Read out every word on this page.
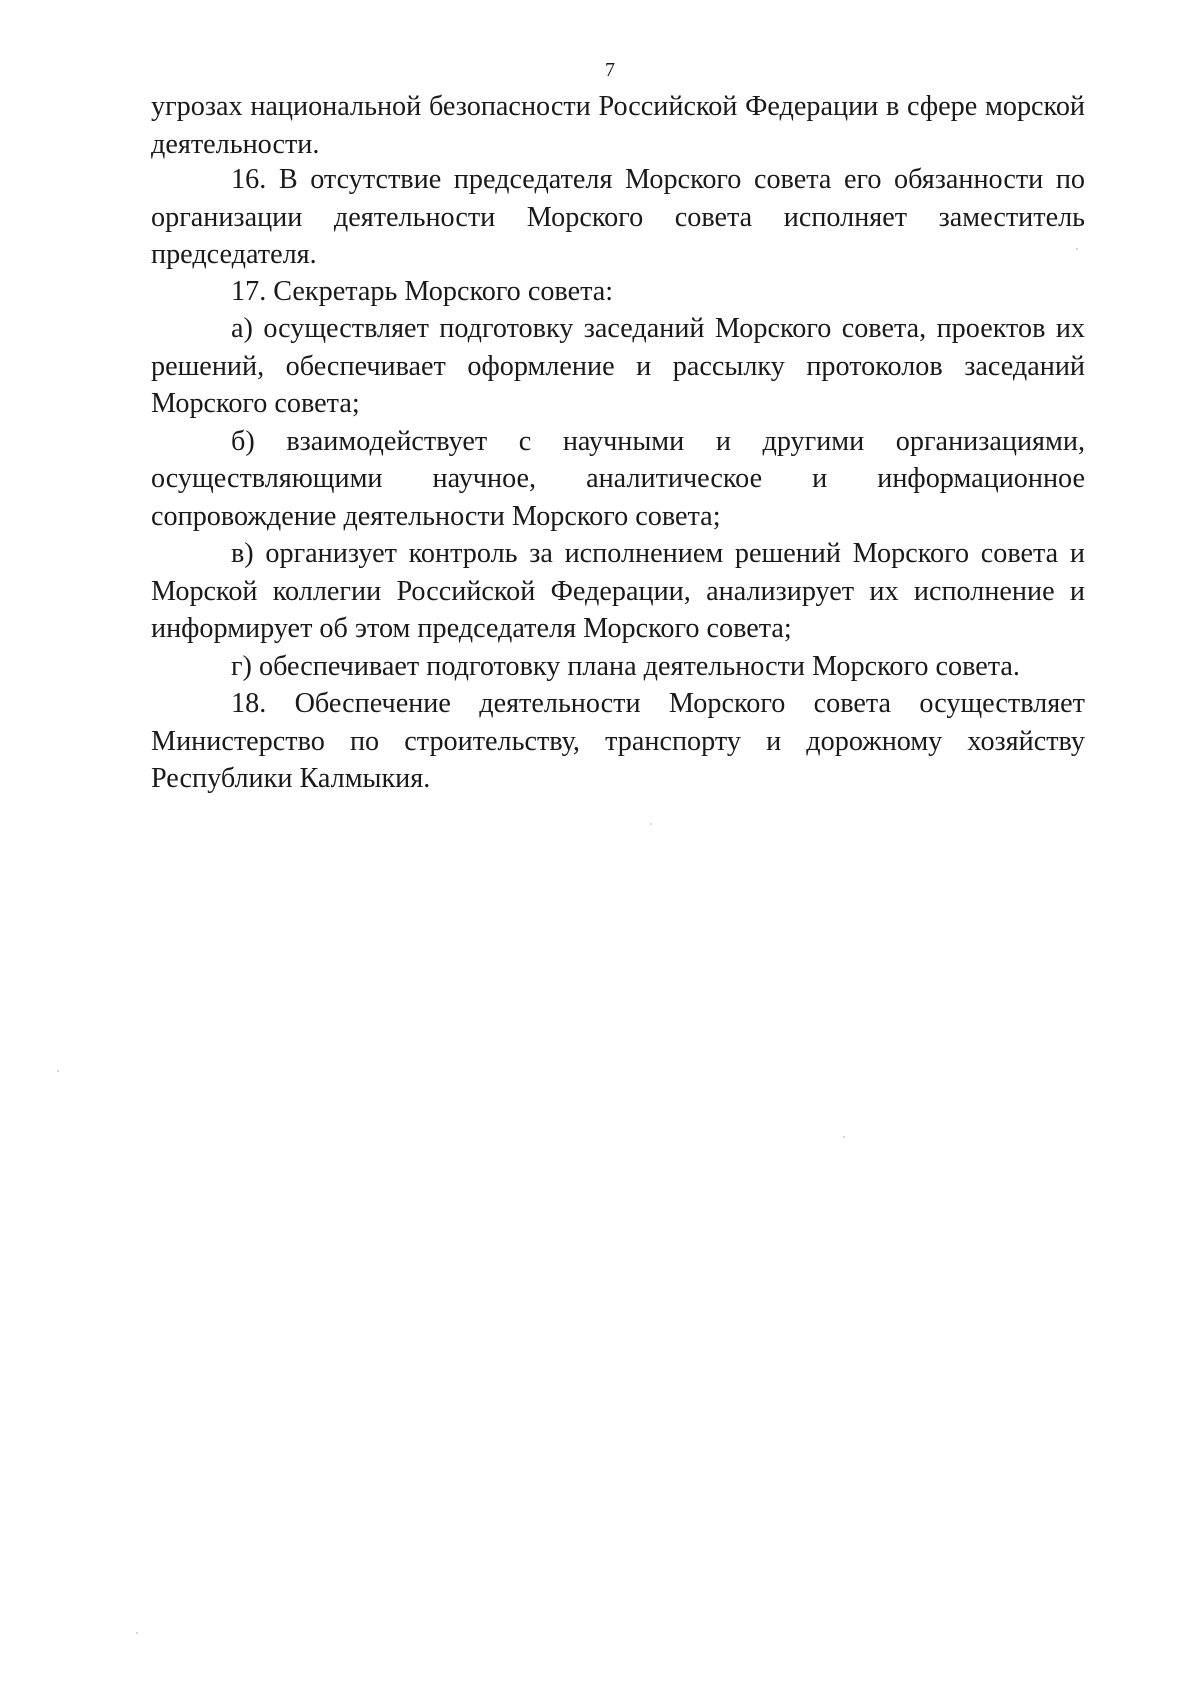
7

угрозах национальной безопасности Российской Федерации в сфере морской деятельности.

16. В отсутствие председателя Морского совета его обязанности по организации деятельности Морского совета исполняет заместитель председателя.

17. Секретарь Морского совета:

а) осуществляет подготовку заседаний Морского совета, проектов их решений, обеспечивает оформление и рассылку протоколов заседаний Морского совета;

б) взаимодействует с научными и другими организациями, осуществляющими научное, аналитическое и информационное сопровождение деятельности Морского совета;

в) организует контроль за исполнением решений Морского совета и Морской коллегии Российской Федерации, анализирует их исполнение и информирует об этом председателя Морского совета;

г) обеспечивает подготовку плана деятельности Морского совета.

18. Обеспечение деятельности Морского совета осуществляет Министерство по строительству, транспорту и дорожному хозяйству Республики Калмыкия.
